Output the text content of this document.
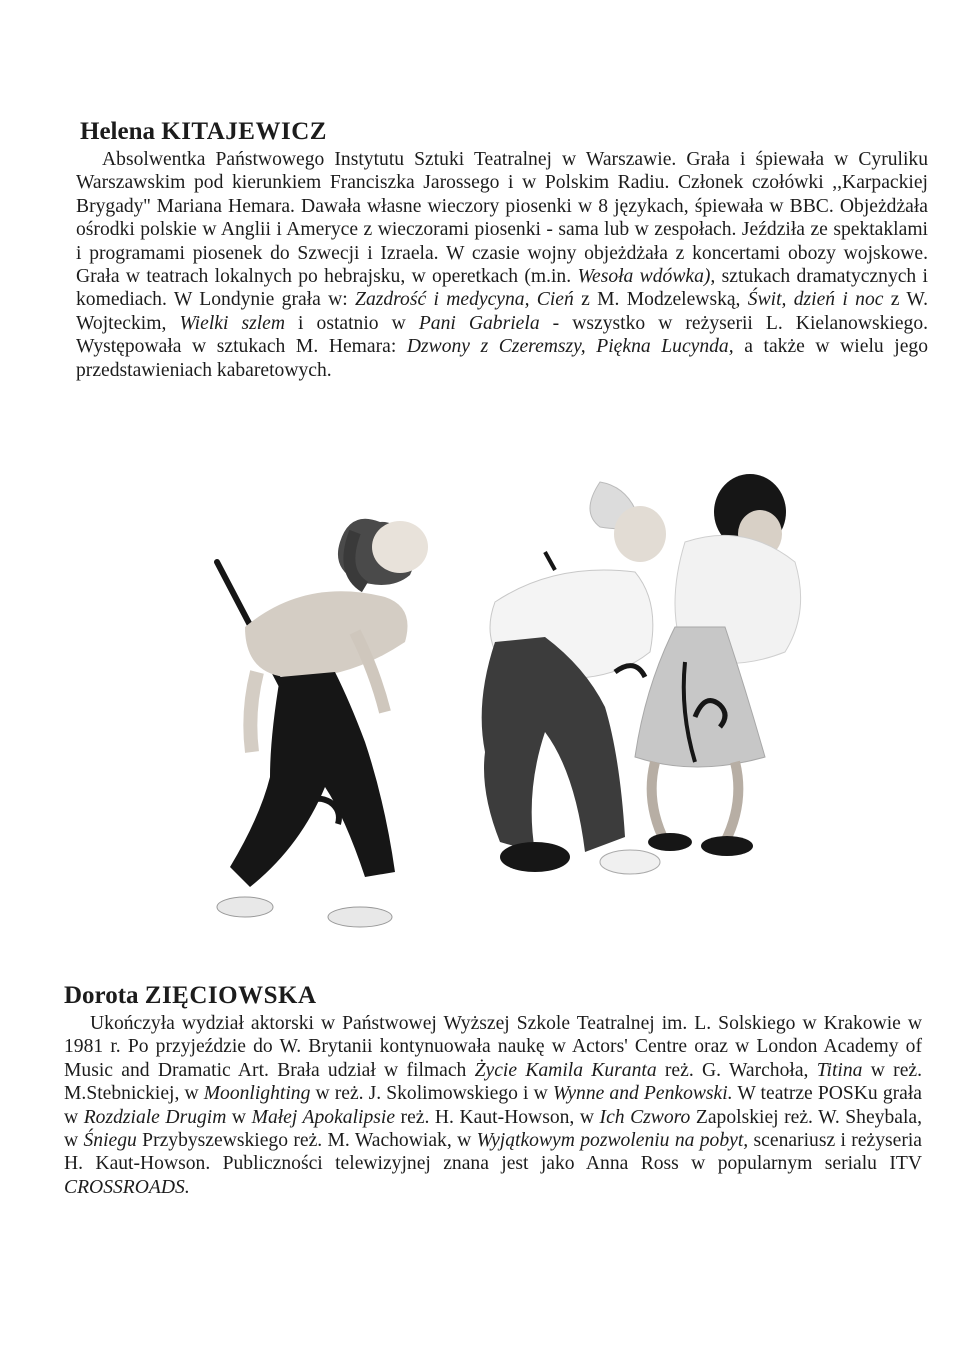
Helena KITAJEWICZ

Absolwentka Państwowego Instytutu Sztuki Teatralnej w Warszawie. Grała i śpiewała w Cyruliku Warszawskim pod kierunkiem Franciszka Jarossego i w Polskim Radiu. Członek czołówki ,,Karpackiej Brygady'' Mariana Hemara. Dawała własne wieczory piosenki w 8 językach, śpiewała w BBC. Objeżdżała ośrodki polskie w Anglii i Ameryce z wieczorami piosenki - sama lub w zespołach. Jeździła ze spektaklami i programami piosenek do Szwecji i Izraela. W czasie wojny objeżdżała z koncertami obozy wojskowe. Grała w teatrach lokalnych po hebrajsku, w operetkach (m.in. Wesoła wdówka), sztukach dramatycznych i komediach. W Londynie grała w: Zazdrość i medycyna, Cień z M. Modzelewską, Świt, dzień i noc z W. Wojteckim, Wielki szlem i ostatnio w Pani Gabriela - wszystko w reżyserii L. Kielanowskiego. Występowała w sztukach M. Hemara: Dzwony z Czeremszy, Piękna Lucynda, a także w wielu jego przedstawieniach kabaretowych.

Dorota ZIĘCIOWSKA

Ukończyła wydział aktorski w Państwowej Wyższej Szkole Teatralnej im. L. Solskiego w Krakowie w 1981 r. Po przyjeździe do W. Brytanii kontynuowała naukę w Actors' Centre oraz w London Academy of Music and Dramatic Art. Brała udział w filmach Życie Kamila Kuranta reż. G. Warchoła, Titina w reż. M.Stebnickiej, w Moonlighting w reż. J. Skolimowskiego i w Wynne and Penkowski. W teatrze POSKu grała w Rozdziale Drugim w Małej Apokalipsie reż. H. Kaut-Howson, w Ich Czworo Zapolskiej reż. W. Sheybala, w Śniegu Przybyszewskiego reż. M. Wachowiak, w Wyjątkowym pozwoleniu na pobyt, scenariusz i reżyseria H. Kaut-Howson. Publiczności telewizyjnej znana jest jako Anna Ross w popularnym serialu ITV CROSSROADS.
